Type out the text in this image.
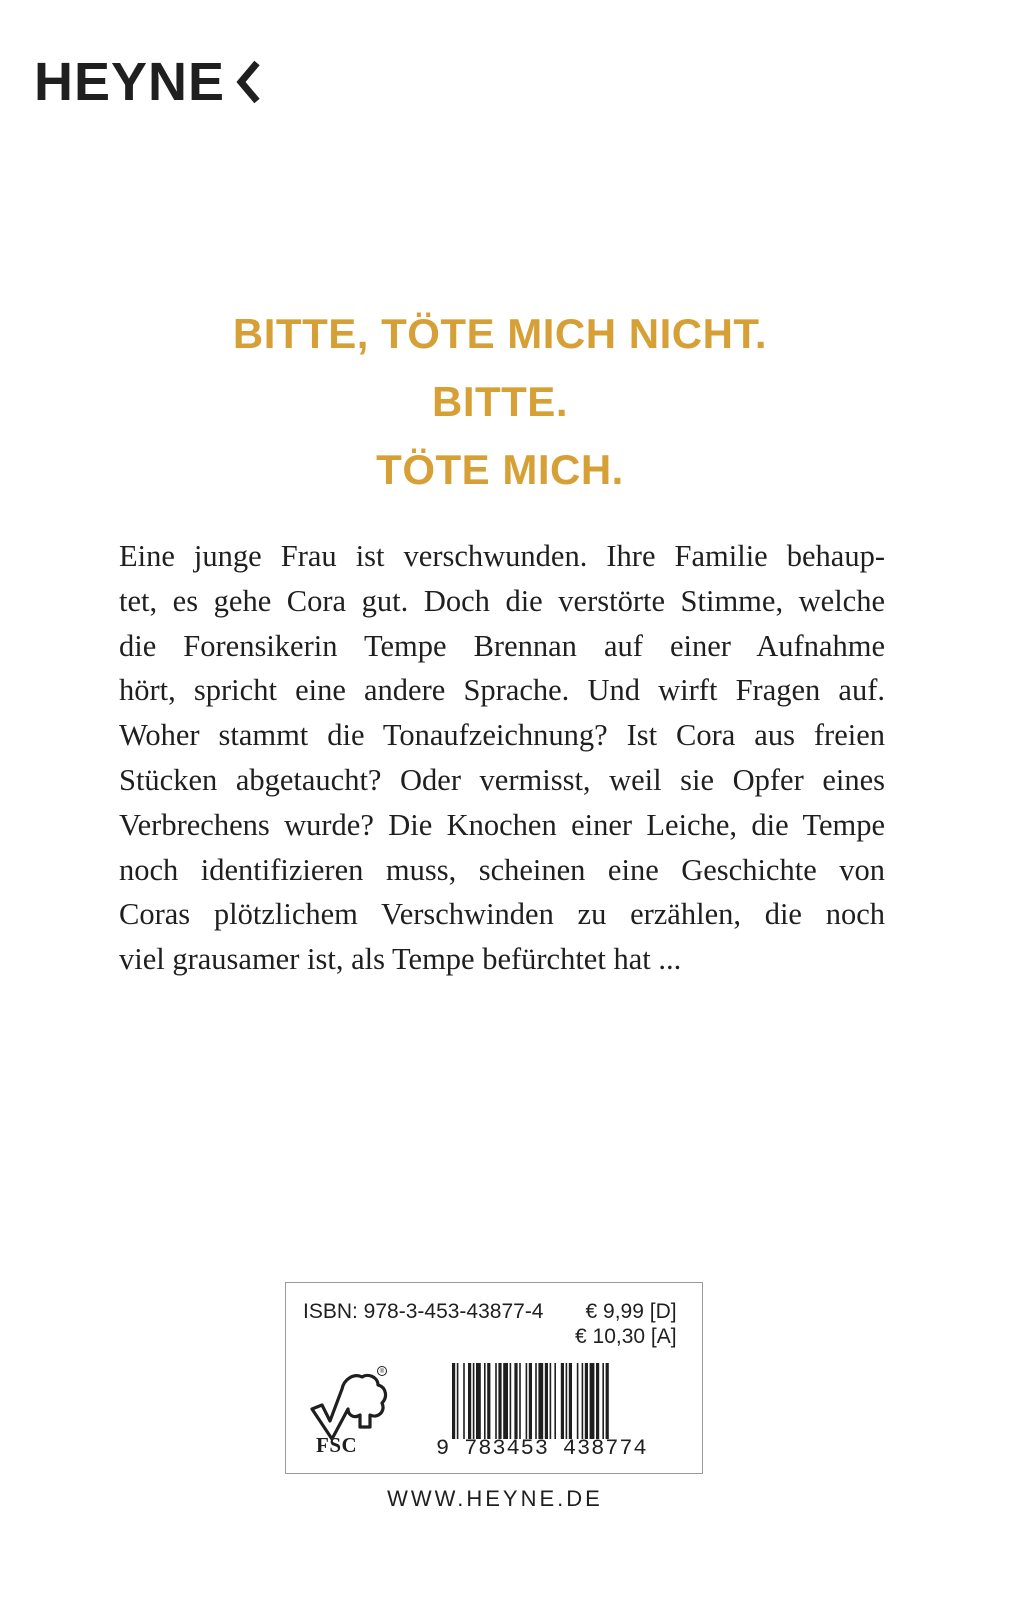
HEYNE
BITTE, TÖTE MICH NICHT.
BITTE.
TÖTE MICH.
Eine junge Frau ist verschwunden. Ihre Familie behaup-
tet, es gehe Cora gut. Doch die verstörte Stimme, welche
die Forensikerin Tempe Brennan auf einer Aufnahme
hört, spricht eine andere Sprache. Und wirft Fragen auf.
Woher stammt die Tonaufzeichnung? Ist Cora aus freien
Stücken abgetaucht? Oder vermisst, weil sie Opfer eines
Verbrechens wurde? Die Knochen einer Leiche, die Tempe
noch identifizieren muss, scheinen eine Geschichte von
Coras plötzlichem Verschwinden zu erzählen, die noch
viel grausamer ist, als Tempe befürchtet hat ...
ISBN: 978-3-453-43877-4	€ 9,99 [D]
€ 10,30 [A]
®
FSC	9 783453 438774
WWW.HEYNE.DE
